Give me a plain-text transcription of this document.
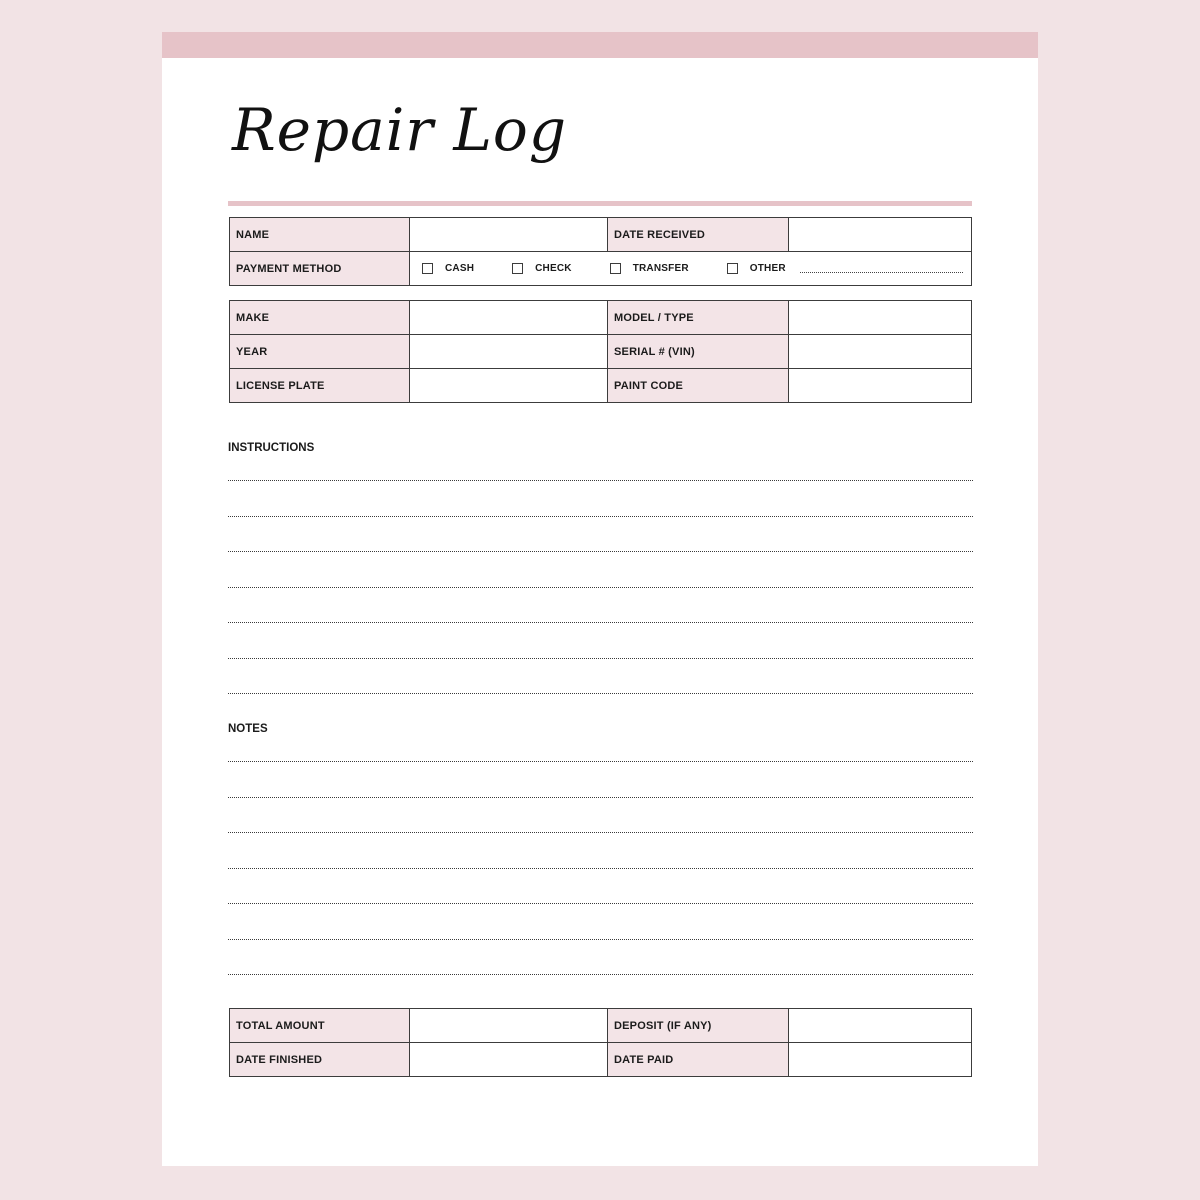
Repair Log
NAME		DATE RECEIVED	
PAYMENT METHOD	CASH CHECK TRANSFER OTHER		
MAKE		MODEL / TYPE	
YEAR		SERIAL # (VIN)	
LICENSE PLATE		PAINT CODE	
INSTRUCTIONS
NOTES
TOTAL AMOUNT		DEPOSIT (IF ANY)	
DATE FINISHED		DATE PAID	
